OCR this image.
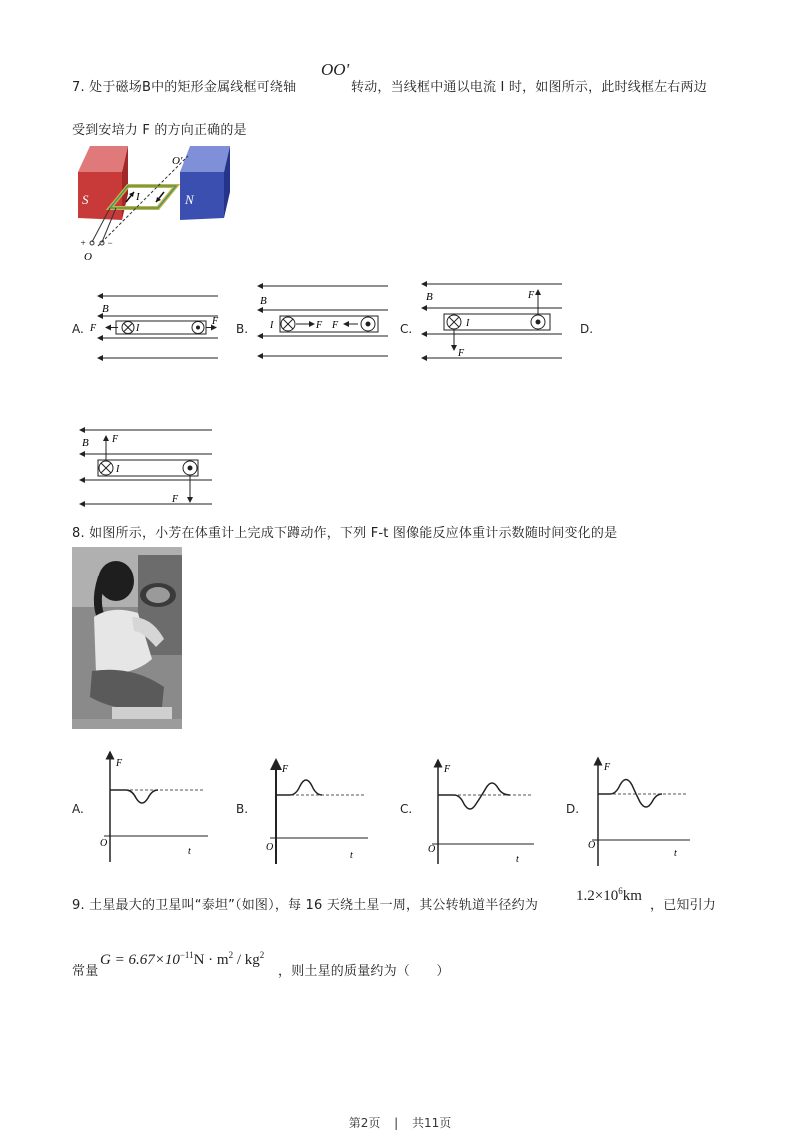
7. 处于磁场B中的矩形金属线框可绕轴
OO'
转动，当线框中通以电流 I 时，如图所示，此时线框左右两边
受到安培力 F 的方向正确的是
S	N
O'
O
+ −
I
A.
B
I
F
F
B.
B
I	F F	C.
B
I
F
F
D.
B
I
F
F
8. 如图所示，小芳在体重计上完成下蹲动作，下列 F-t 图像能反应体重计示数随时间变化的是
A.
F
O
t
B.
F
O
t
C.
F
O
t
D.
F
O
t
9. 土星最大的卫星叫“泰坦”（如图），每 16 天绕土星一周，其公转轨道半径约为
$1.2\times 10^6km$
，已知引力
常量
$G = 6.67\times 10^{-11}N \cdot m^2 / kg^2$
，则土星的质量约为（　　）
第2页 | 共11页
